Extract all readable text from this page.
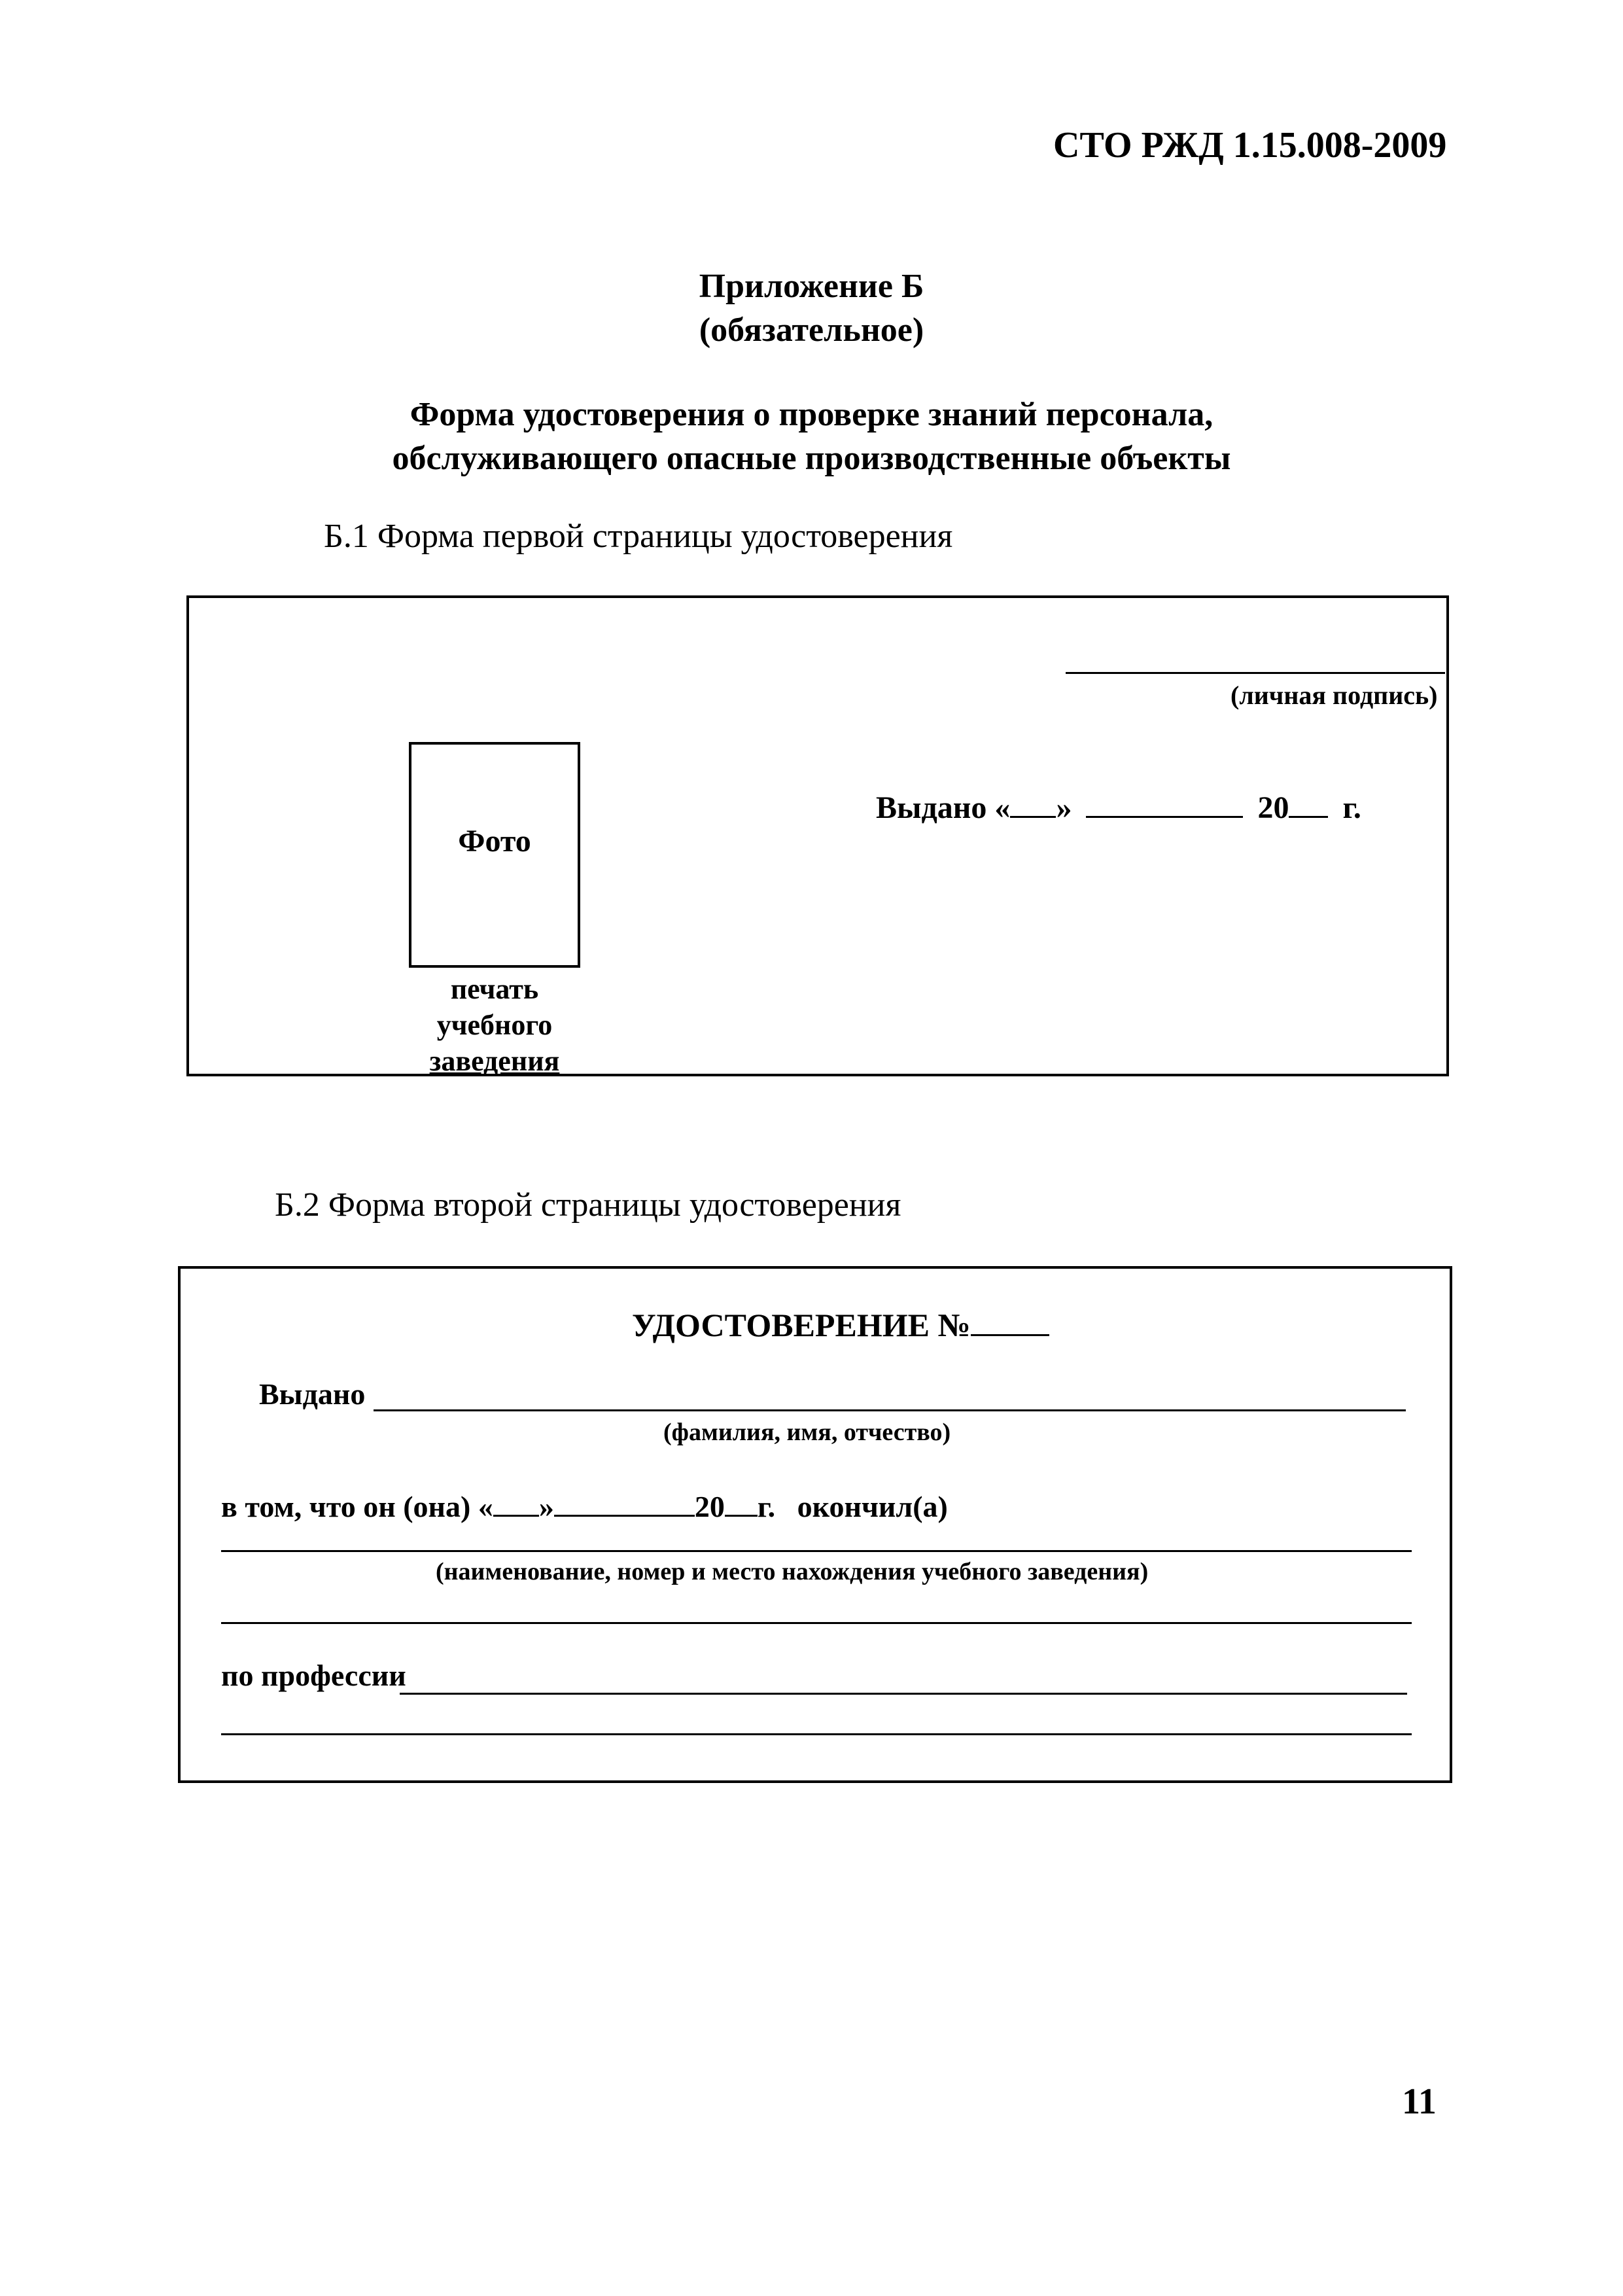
СТО РЖД 1.15.008-2009
Приложение Б
(обязательное)
Форма удостоверения о проверке знаний персонала,
обслуживающего опасные производственные объекты
Б.1 Форма первой страницы удостоверения
(личная подпись)
Фото
Выдано « »	20 г.
печать
учебного
заведения
Б.2 Форма второй страницы удостоверения
УДОСТОВЕРЕНИЕ №
Выдано
(фамилия, имя, отчество)
в том, что он (она) « »	20 г. окончил(а)
(наименование, номер и место нахождения учебного заведения)
по профессии
11
